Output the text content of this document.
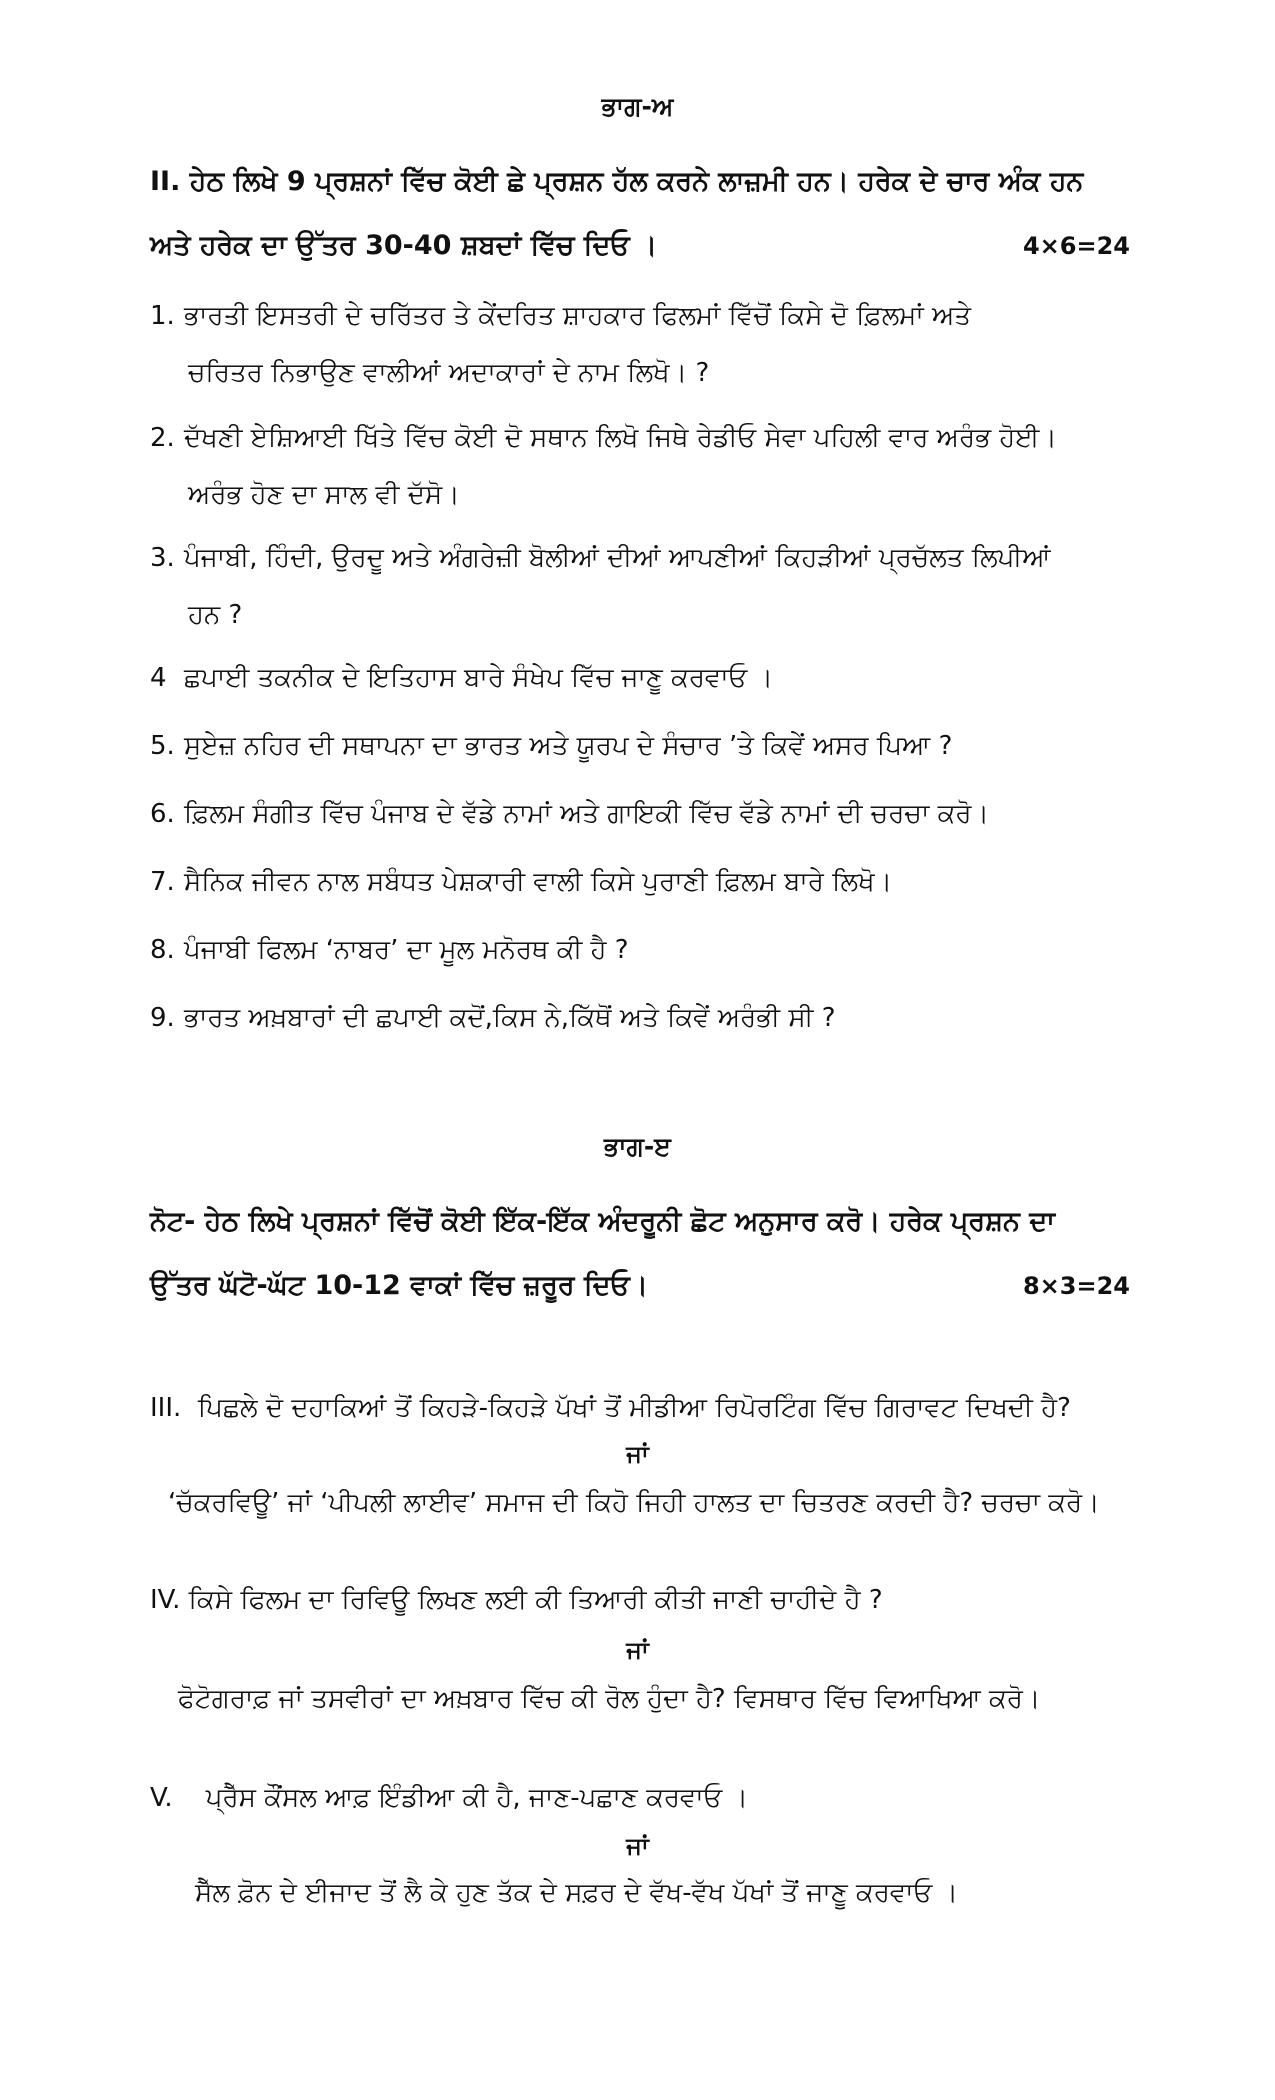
ਭਾਗ-ਅ
II. ਹੇਠ ਲਿਖੇ 9 ਪ੍ਰਸ਼ਨਾਂ ਵਿੱਚ ਕੋਈ ਛੇ ਪ੍ਰਸ਼ਨ ਹੱਲ ਕਰਨੇ ਲਾਜ਼ਮੀ ਹਨ। ਹਰੇਕ ਦੇ ਚਾਰ ਅੰਕ ਹਨ
ਅਤੇ ਹਰੇਕ ਦਾ ਉੱਤਰ 30-40 ਸ਼ਬਦਾਂ ਵਿੱਚ ਦਿਓ ।	4×6=24
1. ਭਾਰਤੀ ਇਸਤਰੀ ਦੇ ਚਰਿੱਤਰ ਤੇ ਕੇਂਦਰਿਤ ਸ਼ਾਹਕਾਰ ਫਿਲਮਾਂ ਵਿੱਚੋਂ ਕਿਸੇ ਦੋ ਫ਼ਿਲਮਾਂ ਅਤੇ
ਚਰਿਤਰ ਨਿਭਾਉਣ ਵਾਲੀਆਂ ਅਦਾਕਾਰਾਂ ਦੇ ਨਾਮ ਲਿਖੋ। ?
2. ਦੱਖਣੀ ਏਸ਼ਿਆਈ ਖਿੱਤੇ ਵਿੱਚ ਕੋਈ ਦੋ ਸਥਾਨ ਲਿਖੋ ਜਿਥੇ ਰੇਡੀਓ ਸੇਵਾ ਪਹਿਲੀ ਵਾਰ ਅਰੰਭ ਹੋਈ।
ਅਰੰਭ ਹੋਣ ਦਾ ਸਾਲ ਵੀ ਦੱਸੋ।
3. ਪੰਜਾਬੀ, ਹਿੰਦੀ, ਉਰਦੂ ਅਤੇ ਅੰਗਰੇਜ਼ੀ ਬੋਲੀਆਂ ਦੀਆਂ ਆਪਣੀਆਂ ਕਿਹੜੀਆਂ ਪ੍ਰਚੱਲਤ ਲਿਪੀਆਂ
ਹਨ ?
4 ਛਪਾਈ ਤਕਨੀਕ ਦੇ ਇਤਿਹਾਸ ਬਾਰੇ ਸੰਖੇਪ ਵਿੱਚ ਜਾਣੂ ਕਰਵਾਓ ।
5. ਸੁਏਜ਼ ਨਹਿਰ ਦੀ ਸਥਾਪਨਾ ਦਾ ਭਾਰਤ ਅਤੇ ਯੂਰਪ ਦੇ ਸੰਚਾਰ ’ਤੇ ਕਿਵੇਂ ਅਸਰ ਪਿਆ ?
6. ਫ਼ਿਲਮ ਸੰਗੀਤ ਵਿੱਚ ਪੰਜਾਬ ਦੇ ਵੱਡੇ ਨਾਮਾਂ ਅਤੇ ਗਾਇਕੀ ਵਿੱਚ ਵੱਡੇ ਨਾਮਾਂ ਦੀ ਚਰਚਾ ਕਰੋ।
7. ਸੈਨਿਕ ਜੀਵਨ ਨਾਲ ਸਬੰਧਤ ਪੇਸ਼ਕਾਰੀ ਵਾਲੀ ਕਿਸੇ ਪੁਰਾਣੀ ਫ਼ਿਲਮ ਬਾਰੇ ਲਿਖੋ।
8. ਪੰਜਾਬੀ ਫਿਲਮ ‘ਨਾਬਰ’ ਦਾ ਮੂਲ ਮਨੋਰਥ ਕੀ ਹੈ ?
9. ਭਾਰਤ ਅਖ਼ਬਾਰਾਂ ਦੀ ਛਪਾਈ ਕਦੋਂ,ਕਿਸ ਨੇ,ਕਿੱਥੋਂ ਅਤੇ ਕਿਵੇਂ ਅਰੰਭੀ ਸੀ ?
ਭਾਗ-ੲ
ਨੋਟ- ਹੇਠ ਲਿਖੇ ਪ੍ਰਸ਼ਨਾਂ ਵਿੱਚੋਂ ਕੋਈ ਇੱਕ-ਇੱਕ ਅੰਦਰੂਨੀ ਛੋਟ ਅਨੁਸਾਰ ਕਰੋ। ਹਰੇਕ ਪ੍ਰਸ਼ਨ ਦਾ
ਉੱਤਰ ਘੱਟੋ-ਘੱਟ 10-12 ਵਾਕਾਂ ਵਿੱਚ ਜ਼ਰੂਰ ਦਿਓ।	8×3=24
III. ਪਿਛਲੇ ਦੋ ਦਹਾਕਿਆਂ ਤੋਂ ਕਿਹੜੇ-ਕਿਹੜੇ ਪੱਖਾਂ ਤੋਂ ਮੀਡੀਆ ਰਿਪੋਰਟਿੰਗ ਵਿੱਚ ਗਿਰਾਵਟ ਦਿਖਦੀ ਹੈ?
ਜਾਂ
‘ਚੱਕਰਵਿਊ’ ਜਾਂ ‘ਪੀਪਲੀ ਲਾਈਵ’ ਸਮਾਜ ਦੀ ਕਿਹੋ ਜਿਹੀ ਹਾਲਤ ਦਾ ਚਿਤਰਣ ਕਰਦੀ ਹੈ? ਚਰਚਾ ਕਰੋ।
IV. ਕਿਸੇ ਫਿਲਮ ਦਾ ਰਿਵਿਊ ਲਿਖਣ ਲਈ ਕੀ ਤਿਆਰੀ ਕੀਤੀ ਜਾਣੀ ਚਾਹੀਦੇ ਹੈ ?
ਜਾਂ
ਫੋਟੋਗਰਾਫ਼ ਜਾਂ ਤਸਵੀਰਾਂ ਦਾ ਅਖ਼ਬਾਰ ਵਿੱਚ ਕੀ ਰੋਲ ਹੁੰਦਾ ਹੈ? ਵਿਸਥਾਰ ਵਿੱਚ ਵਿਆਖਿਆ ਕਰੋ।
V. ਪ੍ਰੈੱਸ ਕੌਂਸਲ ਆਫ਼ ਇੰਡੀਆ ਕੀ ਹੈ, ਜਾਣ-ਪਛਾਣ ਕਰਵਾਓ ।
ਜਾਂ
ਸੈੱਲ ਫ਼ੋਨ ਦੇ ਈਜਾਦ ਤੋਂ ਲੈ ਕੇ ਹੁਣ ਤੱਕ ਦੇ ਸਫ਼ਰ ਦੇ ਵੱਖ-ਵੱਖ ਪੱਖਾਂ ਤੋਂ ਜਾਣੂ ਕਰਵਾਓ ।
